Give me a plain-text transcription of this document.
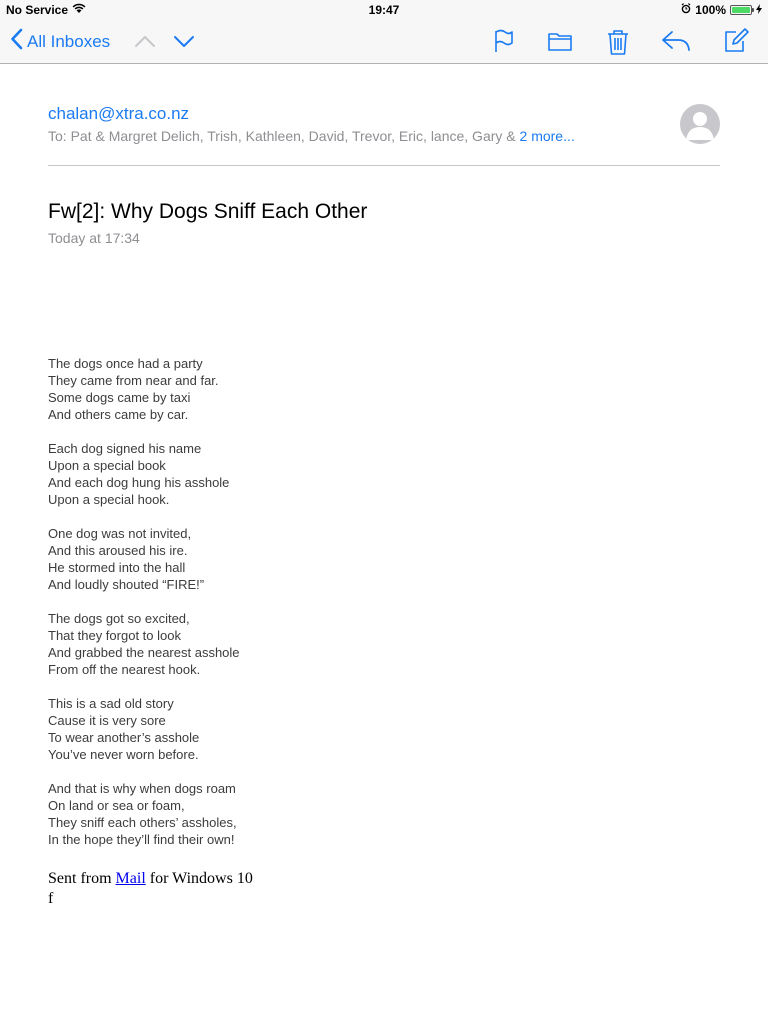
No Service	19:47	100%
All Inboxes
chalan@xtra.co.nz
To: Pat & Margret Delich, Trish, Kathleen, David, Trevor, Eric, lance, Gary & 2 more...
Fw[2]: Why Dogs Sniff Each Other
Today at 17:34
The dogs once had a party
They came from near and far.
Some dogs came by taxi
And others came by car.
Each dog signed his name
Upon a special book
And each dog hung his asshole
Upon a special hook.
One dog was not invited,
And this aroused his ire.
He stormed into the hall
And loudly shouted “FIRE!”
The dogs got so excited,
That they forgot to look
And grabbed the nearest asshole
From off the nearest hook.
This is a sad old story
Cause it is very sore
To wear another’s asshole
You’ve never worn before.
And that is why when dogs roam
On land or sea or foam,
They sniff each others’ assholes,
In the hope they’ll find their own!
Sent from Mail for Windows 10
f
